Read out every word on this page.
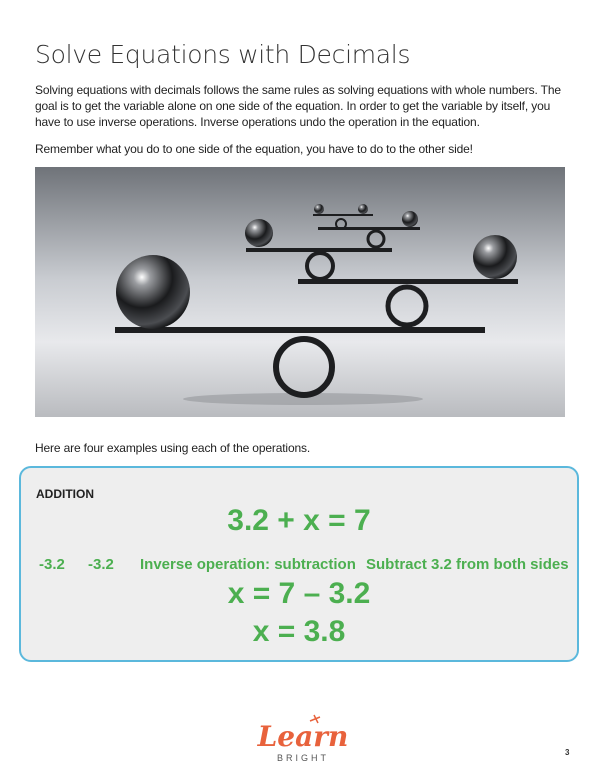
Solve Equations with Decimals

Solving equations with decimals follows the same rules as solving equations with whole numbers. The goal is to get the variable alone on one side of the equation. In order to get the variable by itself, you have to use inverse operations. Inverse operations undo the operation in the equation.

Remember what you do to one side of the equation, you have to do to the other side!

Here are four examples using each of the operations.

ADDITION

3.2 + x = 7

-3.2 -3.2 Inverse operation: subtraction Subtract 3.2 from both sides

x = 7 – 3.2

x = 3.8

Learn
BRIGHT
3
